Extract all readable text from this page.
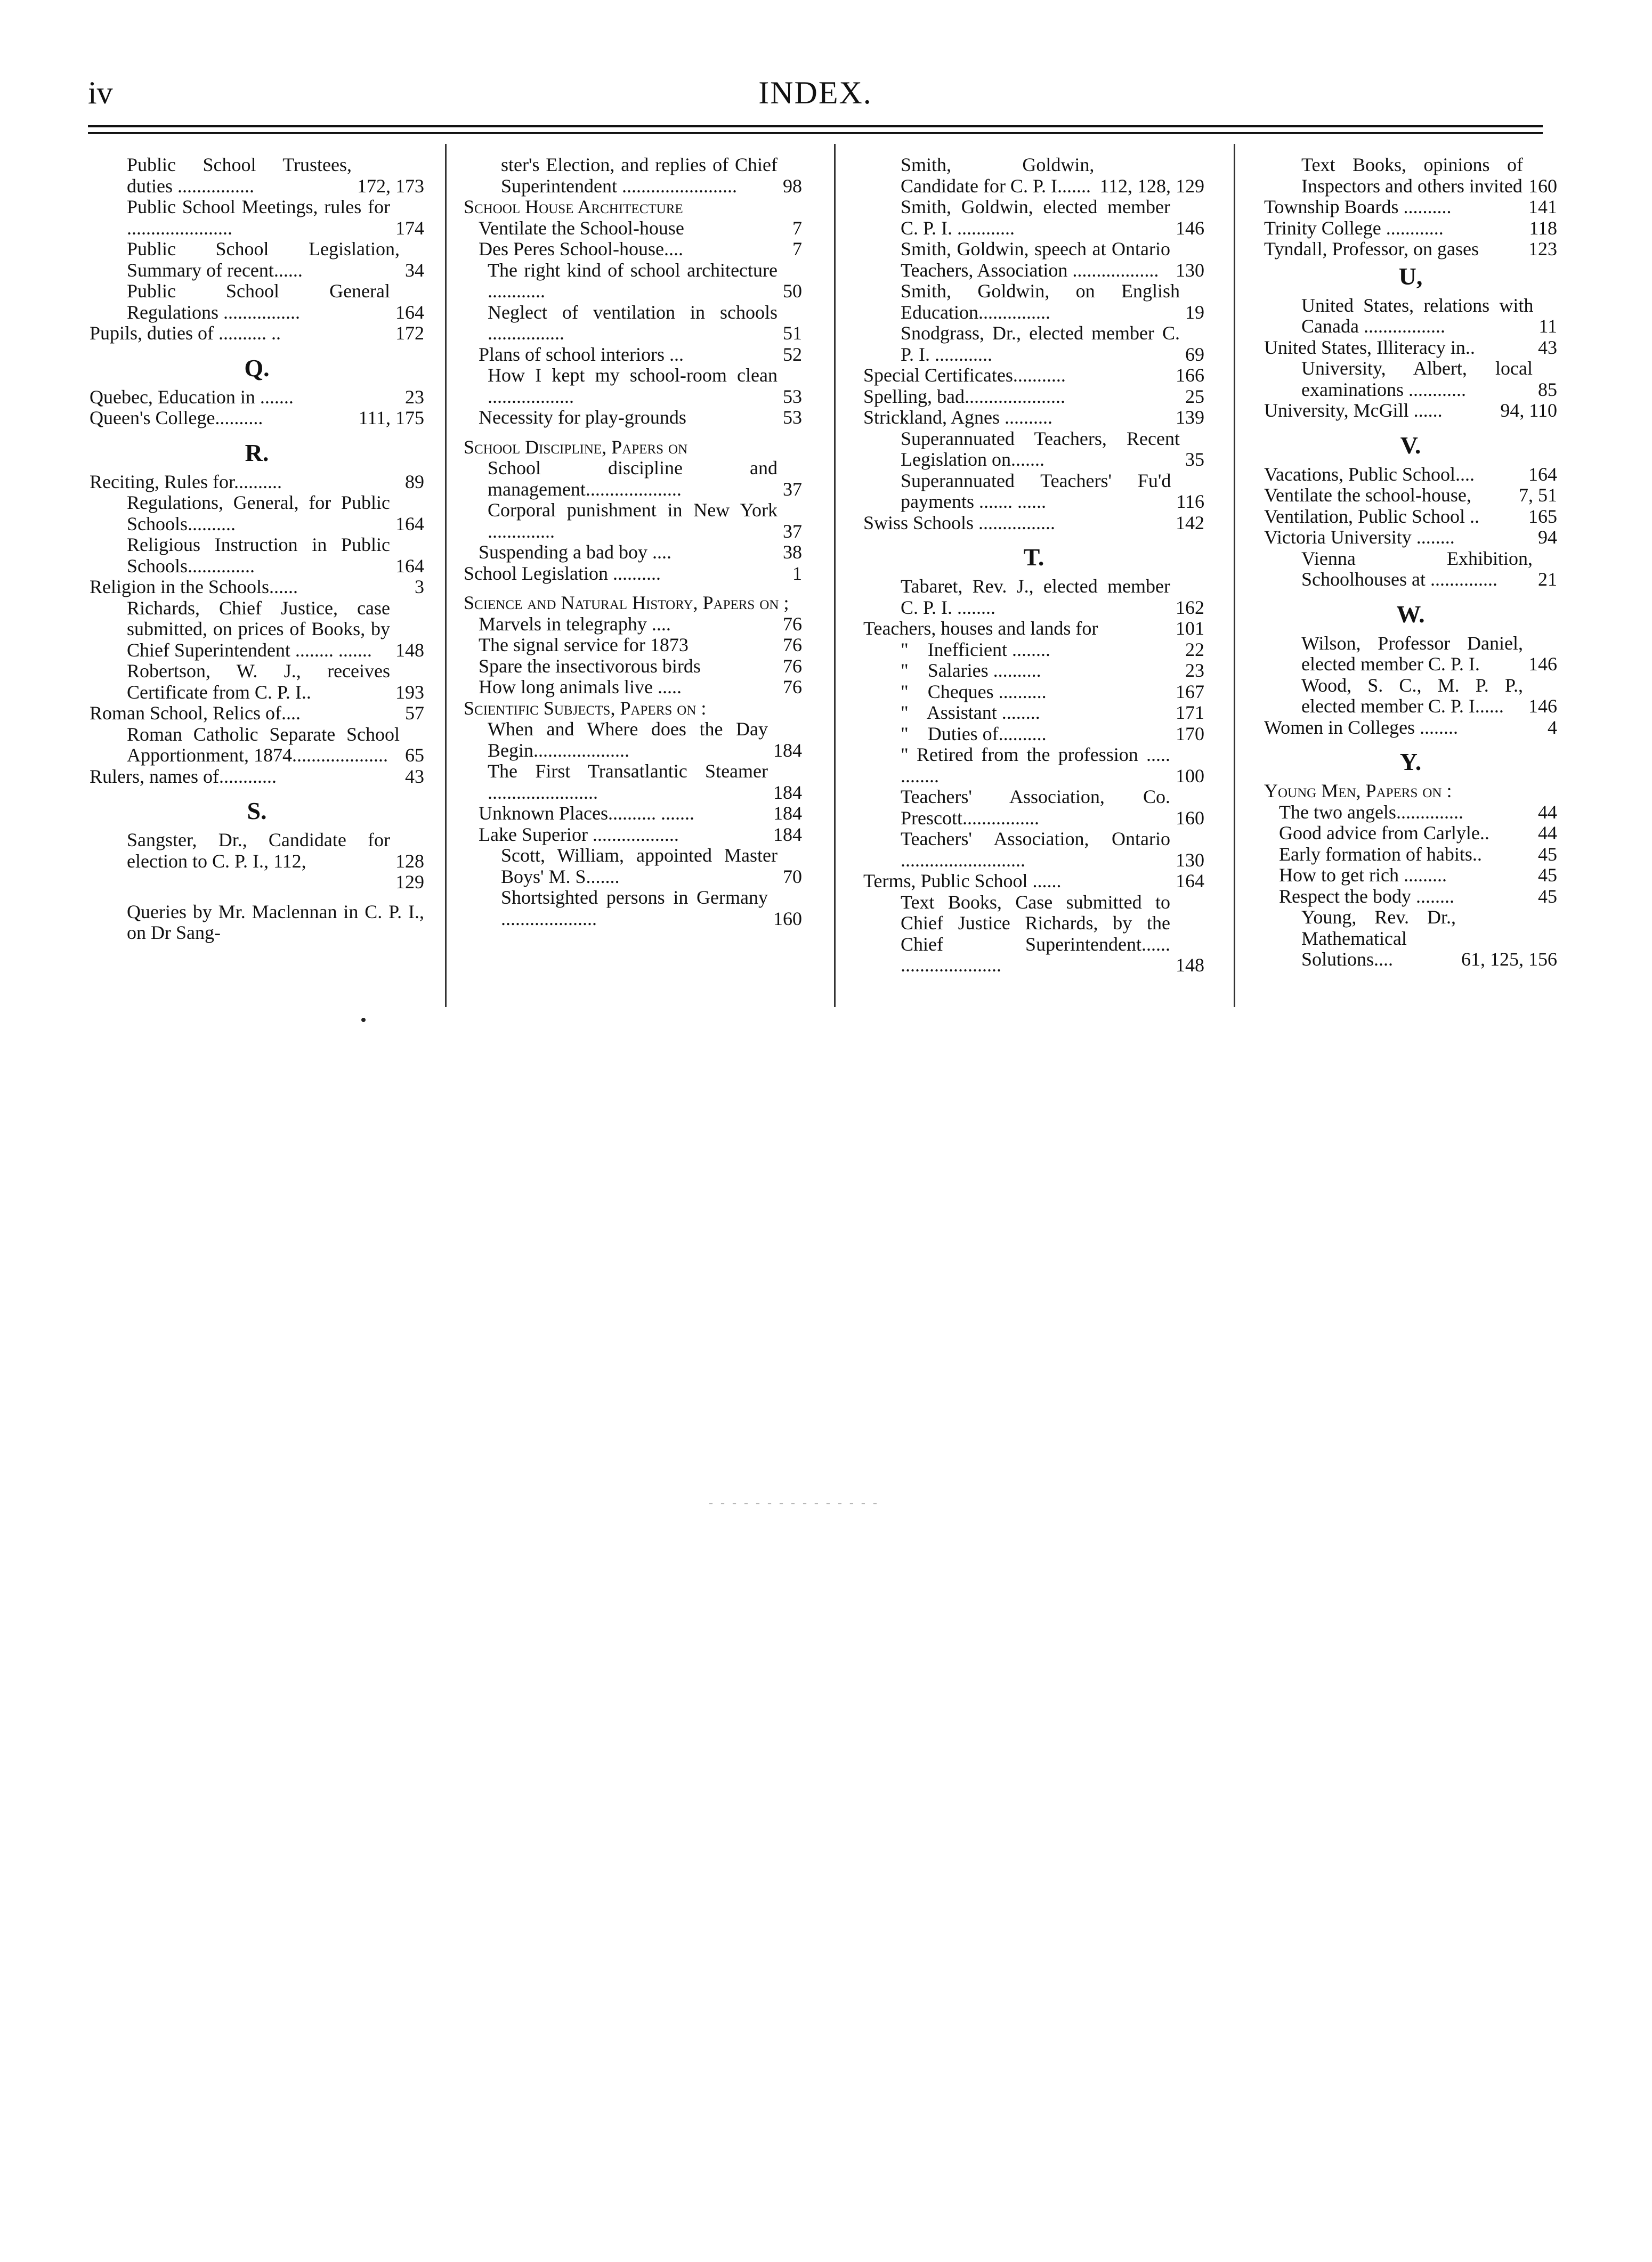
iv	INDEX.
Public School Trustees, duties ................	172, 173
Public School Meetings, rules for ......................	174
Public School Legislation, Summary of recent......	34
Public School General Regulations ................	164
Pupils, duties of .......... ..	172
Q.
Quebec, Education in .......	23
Queen's College..........	111, 175
R.
Reciting, Rules for..........	89
Regulations, General, for Public Schools..........	164
Religious Instruction in Public Schools..............	164
Religion in the Schools......	3
Richards, Chief Justice, case submitted, on prices of Books, by Chief Superintendent ........ .......	148
Robertson, W. J., receives Certificate from C. P. I..	193
Roman School, Relics of....	57
Roman Catholic Separate School Apportionment, 1874.................... 65
Rulers, names of............	43
S.
Sangster, Dr., Candidate for election to C. P. I., 112,	128
129
Queries by Mr. Maclennan in C. P. I., on Dr Sang-
ster's Election, and replies of Chief Superintendent ........................	98
School House Architecture
Ventilate the School-house	7
Des Peres School-house....	7
The right kind of school architecture ............	50
Neglect of ventilation in schools ................	51
Plans of school interiors ...	52
How I kept my school-room clean ..................	53
Necessity for play-grounds	53
School Discipline, Papers on
School discipline and management....................	37
Corporal punishment in New York ..............	37
Suspending a bad boy ....	38
School Legislation ..........	1
Science and Natural History, Papers on ;
Marvels in telegraphy ....	76
The signal service for 1873	76
Spare the insectivorous birds	76
How long animals live .....	76
Scientific Subjects, Papers on :
When and Where does the Day Begin....................	184
The First Transatlantic Steamer .......................	184
Unknown Places.......... .......	184
Lake Superior ..................	184
Scott, William, appointed Master Boys' M. S.......	70
Shortsighted persons in Germany ....................	160
Smith, Goldwin, Candidate for C. P. I....... 112, 128, 129
Smith, Goldwin, elected member C. P. I. ............	146
Smith, Goldwin, speech at Ontario Teachers, Association .................. 130
Smith, Goldwin, on English Education...............	19
Snodgrass, Dr., elected member C. P. I. ............	69
Special Certificates...........	166
Spelling, bad.....................	25
Strickland, Agnes ..........	139
Superannuated Teachers, Recent Legislation on.......	35
Superannuated Teachers' Fu'd payments ....... ......	116
Swiss Schools ................	142
T.
Tabaret, Rev. J., elected member C. P. I. ........	162
Teachers, houses and lands for	101
"    Inefficient ........	22
"    Salaries ..........	23
"    Cheques ..........	167
"    Assistant ........	171
"    Duties of..........	170
" Retired from the profession ..... ........	100
Teachers' Association, Co. Prescott................	160
Teachers' Association, Ontario ..........................	130
Terms, Public School ......	164
Text Books, Case submitted to Chief Justice Richards, by the Chief Superintendent...... .....................	148
Text Books, opinions of Inspectors and others invited 160
Township Boards ..........	141
Trinity College ............	118
Tyndall, Professor, on gases	123
U,
United States, relations with Canada .................	11
United States, Illiteracy in..	43
University, Albert, local examinations ............	85
University, McGill ......	94, 110
V.
Vacations, Public School....	164
Ventilate the school-house,	7, 51
Ventilation, Public School ..	165
Victoria University ........	94
Vienna Exhibition, Schoolhouses at ..............	21
W.
Wilson, Professor Daniel, elected member C. P. I.	146
Wood, S. C., M. P. P., elected member C. P. I......	146
Women in Colleges ........	4
Y.
Young Men, Papers on :
The two angels..............	44
Good advice from Carlyle..	44
Early formation of habits..	45
How to get rich .........	45
Respect the body ........	45
Young, Rev. Dr., Mathematical Solutions....	61, 125, 156
- - - - - - - - - - - - - - -
